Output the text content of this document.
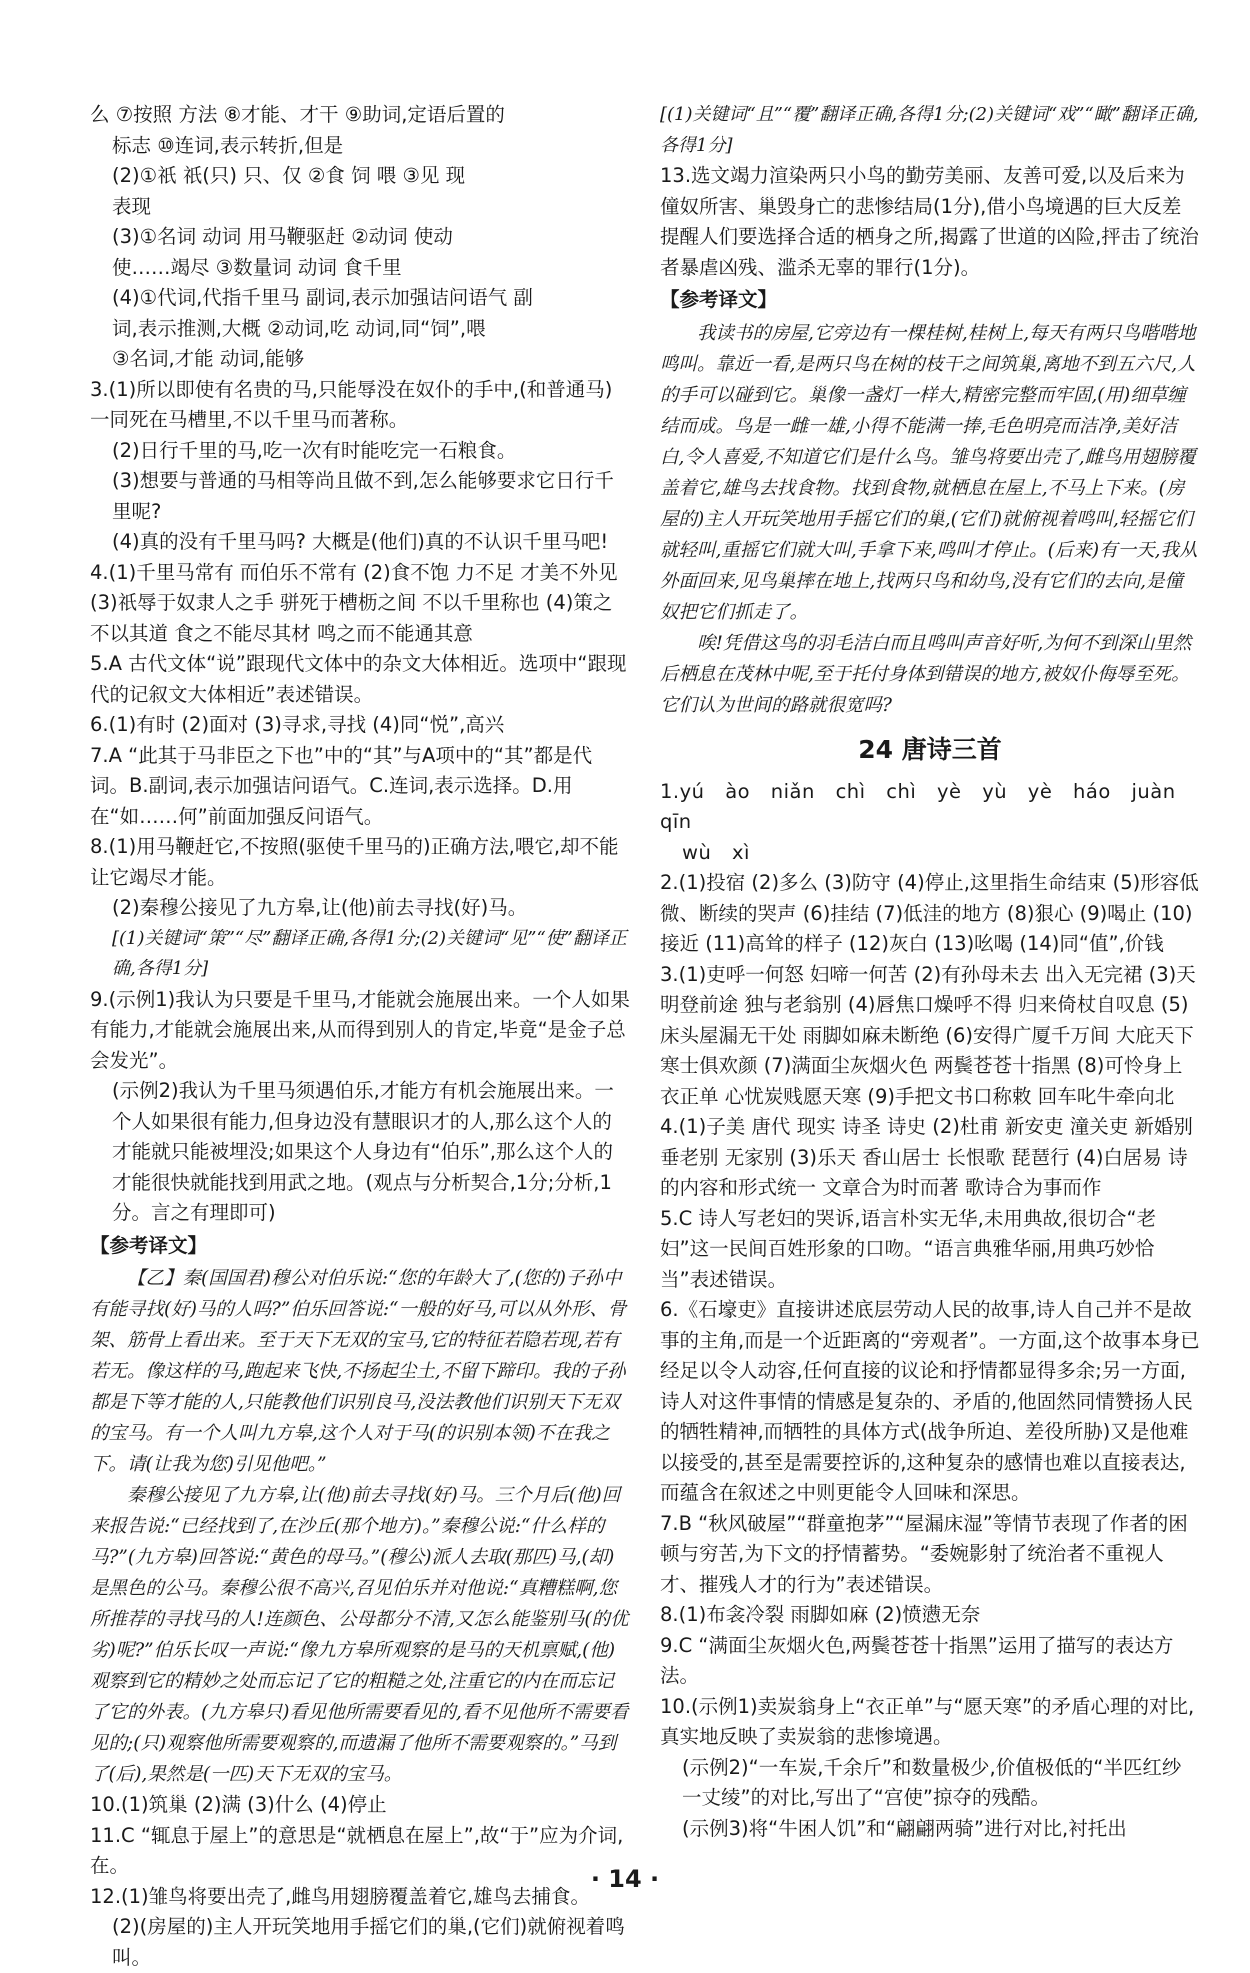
么 ⑦按照 方法 ⑧才能、才干 ⑨助词,定语后置的

标志 ⑩连词,表示转折,但是

(2)①祇 祇(只) 只、仅 ②食 饲 喂 ③见 现

表现

(3)①名词 动词 用马鞭驱赶 ②动词 使动

使……竭尽 ③数量词 动词 食千里

(4)①代词,代指千里马 副词,表示加强诘问语气 副

词,表示推测,大概 ②动词,吃 动词,同“饲”,喂

③名词,才能 动词,能够

3.(1)所以即使有名贵的马,只能辱没在奴仆的手中,(和普通马)一同死在马槽里,不以千里马而著称。

(2)日行千里的马,吃一次有时能吃完一石粮食。

(3)想要与普通的马相等尚且做不到,怎么能够要求它日行千里呢?

(4)真的没有千里马吗? 大概是(他们)真的不认识千里马吧!

4.(1)千里马常有 而伯乐不常有 (2)食不饱 力不足 才美不外见 (3)祇辱于奴隶人之手 骈死于槽枥之间 不以千里称也 (4)策之不以其道 食之不能尽其材 鸣之而不能通其意

5.A 古代文体“说”跟现代文体中的杂文大体相近。选项中“跟现代的记叙文大体相近”表述错误。

6.(1)有时 (2)面对 (3)寻求,寻找 (4)同“悦”,高兴

7.A “此其于马非臣之下也”中的“其”与A项中的“其”都是代词。B.副词,表示加强诘问语气。C.连词,表示选择。D.用在“如……何”前面加强反问语气。

8.(1)用马鞭赶它,不按照(驱使千里马的)正确方法,喂它,却不能让它竭尽才能。

(2)秦穆公接见了九方皋,让(他)前去寻找(好)马。

[(1)关键词“策”“尽”翻译正确,各得1分;(2)关键词“见”“使”翻译正确,各得1分]

9.(示例1)我认为只要是千里马,才能就会施展出来。一个人如果有能力,才能就会施展出来,从而得到别人的肯定,毕竟“是金子总会发光”。

(示例2)我认为千里马须遇伯乐,才能方有机会施展出来。一个人如果很有能力,但身边没有慧眼识才的人,那么这个人的才能就只能被埋没;如果这个人身边有“伯乐”,那么这个人的才能很快就能找到用武之地。(观点与分析契合,1分;分析,1分。言之有理即可)

【参考译文】

【乙】秦(国国君)穆公对伯乐说:“您的年龄大了,(您的)子孙中有能寻找(好)马的人吗?”伯乐回答说:“一般的好马,可以从外形、骨架、筋骨上看出来。至于天下无双的宝马,它的特征若隐若现,若有若无。像这样的马,跑起来飞快,不扬起尘土,不留下蹄印。我的子孙都是下等才能的人,只能教他们识别良马,没法教他们识别天下无双的宝马。有一个人叫九方皋,这个人对于马(的识别本领)不在我之下。请(让我为您)引见他吧。”

秦穆公接见了九方皋,让(他)前去寻找(好)马。三个月后(他)回来报告说:“已经找到了,在沙丘(那个地方)。”秦穆公说:“什么样的马?”(九方皋)回答说:“黄色的母马。”(穆公)派人去取(那匹)马,(却)是黑色的公马。秦穆公很不高兴,召见伯乐并对他说:“真糟糕啊,您所推荐的寻找马的人!连颜色、公母都分不清,又怎么能鉴别马(的优劣)呢?”伯乐长叹一声说:“像九方皋所观察的是马的天机禀赋,(他)观察到它的精妙之处而忘记了它的粗糙之处,注重它的内在而忘记了它的外表。(九方皋只)看见他所需要看见的,看不见他所不需要看见的;(只)观察他所需要观察的,而遗漏了他所不需要观察的。”马到了(后),果然是(一匹)天下无双的宝马。

10.(1)筑巢 (2)满 (3)什么 (4)停止

11.C “辄息于屋上”的意思是“就栖息在屋上”,故“于”应为介词,在。

12.(1)雏鸟将要出壳了,雌鸟用翅膀覆盖着它,雄鸟去捕食。

(2)(房屋的)主人开玩笑地用手摇它们的巢,(它们)就俯视着鸣叫。

[(1)关键词“且”“覆”翻译正确,各得1分;(2)关键词“戏”“瞰”翻译正确,各得1分]

13.选文竭力渲染两只小鸟的勤劳美丽、友善可爱,以及后来为僮奴所害、巢毁身亡的悲惨结局(1分),借小鸟境遇的巨大反差提醒人们要选择合适的栖身之所,揭露了世道的凶险,抨击了统治者暴虐凶残、滥杀无辜的罪行(1分)。

【参考译文】

我读书的房屋,它旁边有一棵桂树,桂树上,每天有两只鸟喈喈地鸣叫。靠近一看,是两只鸟在树的枝干之间筑巢,离地不到五六尺,人的手可以碰到它。巢像一盏灯一样大,精密完整而牢固,(用)细草缠结而成。鸟是一雌一雄,小得不能满一捧,毛色明亮而洁净,美好洁白,令人喜爱,不知道它们是什么鸟。雏鸟将要出壳了,雌鸟用翅膀覆盖着它,雄鸟去找食物。找到食物,就栖息在屋上,不马上下来。(房屋的)主人开玩笑地用手摇它们的巢,(它们)就俯视着鸣叫,轻摇它们就轻叫,重摇它们就大叫,手拿下来,鸣叫才停止。(后来)有一天,我从外面回来,见鸟巢摔在地上,找两只鸟和幼鸟,没有它们的去向,是僮奴把它们抓走了。

唉!凭借这鸟的羽毛洁白而且鸣叫声音好听,为何不到深山里然后栖息在茂林中呢,至于托付身体到错误的地方,被奴仆侮辱至死。它们认为世间的路就很宽吗?

24 唐诗三首

1.yú ào niǎn chì chì yè yù yè háo juàn qīn

wù xì

2.(1)投宿 (2)多么 (3)防守 (4)停止,这里指生命结束 (5)形容低微、断续的哭声 (6)挂结 (7)低洼的地方 (8)狠心 (9)喝止 (10)接近 (11)高耸的样子 (12)灰白 (13)吆喝 (14)同“值”,价钱

3.(1)吏呼一何怒 妇啼一何苦 (2)有孙母未去 出入无完裙 (3)天明登前途 独与老翁别 (4)唇焦口燥呼不得 归来倚杖自叹息 (5)床头屋漏无干处 雨脚如麻未断绝 (6)安得广厦千万间 大庇天下寒士俱欢颜 (7)满面尘灰烟火色 两鬓苍苍十指黑 (8)可怜身上衣正单 心忧炭贱愿天寒 (9)手把文书口称敕 回车叱牛牵向北

4.(1)子美 唐代 现实 诗圣 诗史 (2)杜甫 新安吏 潼关吏 新婚别 垂老别 无家别 (3)乐天 香山居士 长恨歌 琵琶行 (4)白居易 诗的内容和形式统一 文章合为时而著 歌诗合为事而作

5.C 诗人写老妇的哭诉,语言朴实无华,未用典故,很切合“老妇”这一民间百姓形象的口吻。“语言典雅华丽,用典巧妙恰当”表述错误。

6.《石壕吏》直接讲述底层劳动人民的故事,诗人自己并不是故事的主角,而是一个近距离的“旁观者”。一方面,这个故事本身已经足以令人动容,任何直接的议论和抒情都显得多余;另一方面,诗人对这件事情的情感是复杂的、矛盾的,他固然同情赞扬人民的牺牲精神,而牺牲的具体方式(战争所迫、差役所胁)又是他难以接受的,甚至是需要控诉的,这种复杂的感情也难以直接表达,而蕴含在叙述之中则更能令人回味和深思。

7.B “秋风破屋”“群童抱茅”“屋漏床湿”等情节表现了作者的困顿与穷苦,为下文的抒情蓄势。“委婉影射了统治者不重视人才、摧残人才的行为”表述错误。

8.(1)布衾冷裂 雨脚如麻 (2)愤懑无奈

9.C “满面尘灰烟火色,两鬓苍苍十指黑”运用了描写的表达方法。

10.(示例1)卖炭翁身上“衣正单”与“愿天寒”的矛盾心理的对比,真实地反映了卖炭翁的悲惨境遇。

(示例2)“一车炭,千余斤”和数量极少,价值极低的“半匹红纱一丈绫”的对比,写出了“宫使”掠夺的残酷。

(示例3)将“牛困人饥”和“翩翩两骑”进行对比,衬托出

· 14 ·
